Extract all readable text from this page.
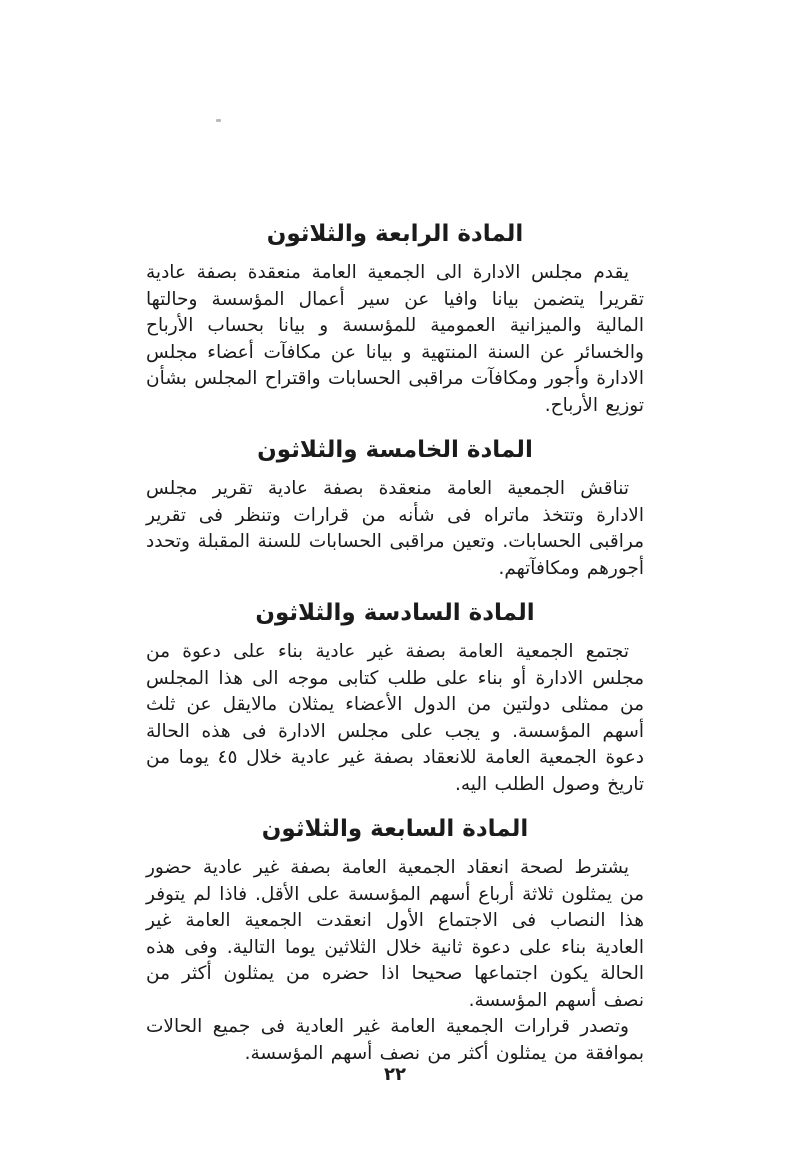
المادة الرابعة والثلاثون

يقدم مجلس الادارة الى الجمعية العامة منعقدة بصفة عادية تقريرا يتضمن بيانا وافيا عن سير أعمال المؤسسة وحالتها المالية والميزانية العمومية للمؤسسة و بيانا بحساب الأرباح والخسائر عن السنة المنتهية و بيانا عن مكافآت أعضاء مجلس الادارة وأجور ومكافآت مراقبى الحسابات واقتراح المجلس بشأن توزيع الأرباح.

المادة الخامسة والثلاثون

تناقش الجمعية العامة منعقدة بصفة عادية تقرير مجلس الادارة وتتخذ ماتراه فى شأنه من قرارات وتنظر فى تقرير مراقبى الحسابات. وتعين مراقبى الحسابات للسنة المقبلة وتحدد أجورهم ومكافآتهم.

المادة السادسة والثلاثون

تجتمع الجمعية العامة بصفة غير عادية بناء على دعوة من مجلس الادارة أو بناء على طلب كتابى موجه الى هذا المجلس من ممثلى دولتين من الدول الأعضاء يمثلان مالايقل عن ثلث أسهم المؤسسة. و يجب على مجلس الادارة فى هذه الحالة دعوة الجمعية العامة للانعقاد بصفة غير عادية خلال ٤٥ يوما من تاريخ وصول الطلب اليه.

المادة السابعة والثلاثون

يشترط لصحة انعقاد الجمعية العامة بصفة غير عادية حضور من يمثلون ثلاثة أرباع أسهم المؤسسة على الأقل. فاذا لم يتوفر هذا النصاب فى الاجتماع الأول انعقدت الجمعية العامة غير العادية بناء على دعوة ثانية خلال الثلاثين يوما التالية. وفى هذه الحالة يكون اجتماعها صحيحا اذا حضره من يمثلون أكثر من نصف أسهم المؤسسة.

وتصدر قرارات الجمعية العامة غير العادية فى جميع الحالات بموافقة من يمثلون أكثر من نصف أسهم المؤسسة.

٢٢
